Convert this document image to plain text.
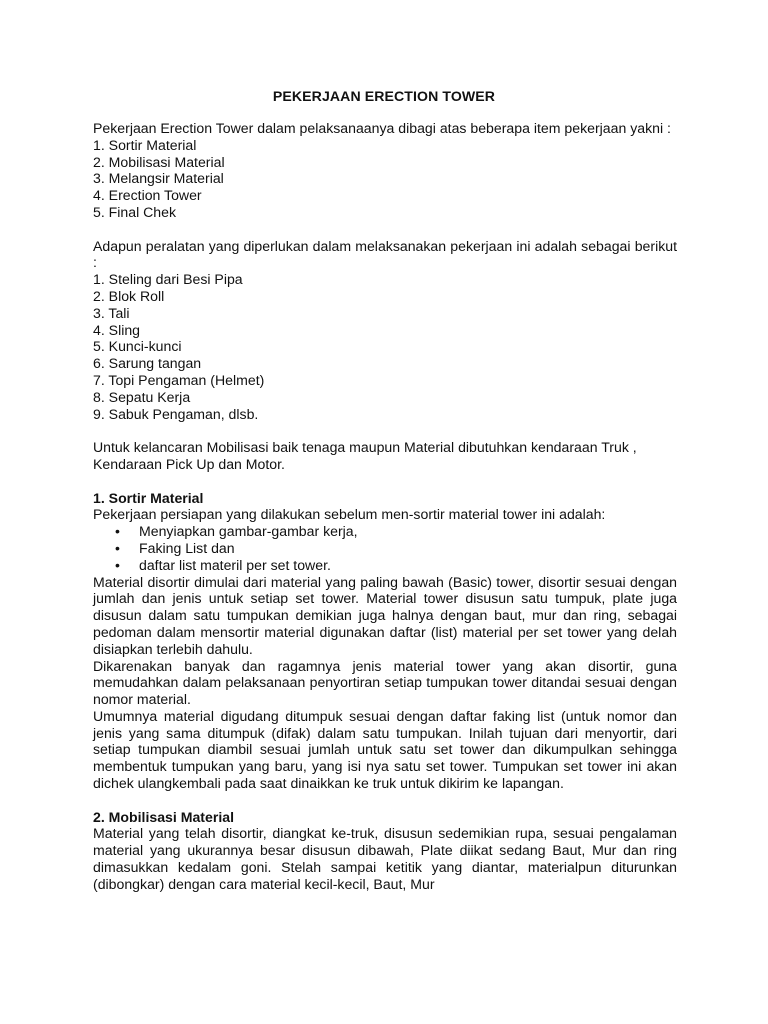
PEKERJAAN ERECTION TOWER

Pekerjaan Erection Tower dalam pelaksanaanya dibagi atas beberapa item pekerjaan yakni :

1. Sortir Material
2. Mobilisasi Material
3. Melangsir Material
4. Erection Tower
5. Final Chek

Adapun peralatan yang diperlukan dalam melaksanakan pekerjaan ini adalah sebagai berikut :

1. Steling dari Besi Pipa
2. Blok Roll
3. Tali
4. Sling
5. Kunci-kunci
6. Sarung tangan
7. Topi Pengaman (Helmet)
8. Sepatu Kerja
9. Sabuk Pengaman, dlsb.

Untuk kelancaran Mobilisasi baik tenaga maupun Material dibutuhkan kendaraan Truk , Kendaraan Pick Up dan Motor.

1. Sortir Material

Pekerjaan persiapan yang dilakukan sebelum men-sortir material tower ini adalah:

• Menyiapkan gambar-gambar kerja,
• Faking List dan
• daftar list materil per set tower.

Material disortir dimulai dari material yang paling bawah (Basic) tower, disortir sesuai dengan jumlah dan jenis untuk setiap set tower. Material tower disusun satu tumpuk, plate juga disusun dalam satu tumpukan demikian juga halnya dengan baut, mur dan ring, sebagai pedoman dalam mensortir material digunakan daftar (list) material per set tower yang delah disiapkan terlebih dahulu.

Dikarenakan banyak dan ragamnya jenis material tower yang akan disortir, guna memudahkan dalam pelaksanaan penyortiran setiap tumpukan tower ditandai sesuai dengan nomor material.

Umumnya material digudang ditumpuk sesuai dengan daftar faking list (untuk nomor dan jenis yang sama ditumpuk (difak) dalam satu tumpukan. Inilah tujuan dari menyortir, dari setiap tumpukan diambil sesuai jumlah untuk satu set tower dan dikumpulkan sehingga membentuk tumpukan yang baru, yang isi nya satu set tower. Tumpukan set tower ini akan dichek ulangkembali pada saat dinaikkan ke truk untuk dikirim ke lapangan.

2. Mobilisasi Material

Material yang telah disortir, diangkat ke-truk, disusun sedemikian rupa, sesuai pengalaman material yang ukurannya besar disusun dibawah, Plate diikat sedang Baut, Mur dan ring dimasukkan kedalam goni. Stelah sampai ketitik yang diantar, materialpun diturunkan (dibongkar) dengan cara material kecil-kecil, Baut, Mur
